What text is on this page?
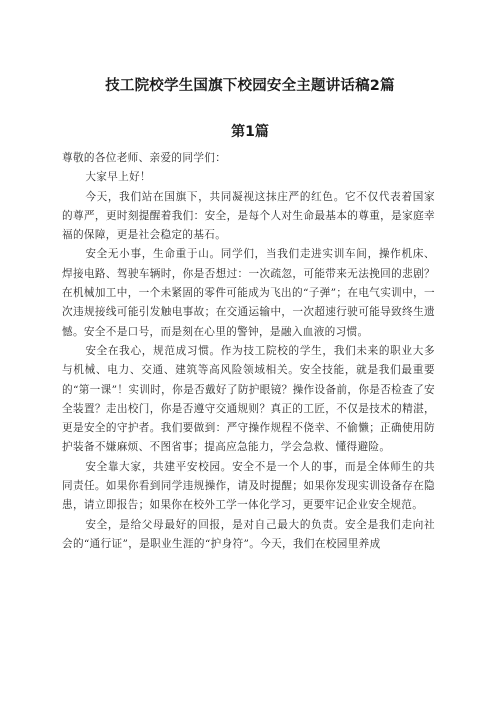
技工院校学生国旗下校园安全主题讲话稿2篇
第1篇

尊敬的各位老师、亲爱的同学们：

大家早上好！

今天，我们站在国旗下，共同凝视这抹庄严的红色。它不仅代表着国家的尊严，更时刻提醒着我们：安全，是每个人对生命最基本的尊重，是家庭幸福的保障，更是社会稳定的基石。

安全无小事，生命重于山。同学们，当我们走进实训车间，操作机床、焊接电路、驾驶车辆时，你是否想过：一次疏忽，可能带来无法挽回的悲剧？在机械加工中，一个未紧固的零件可能成为飞出的“子弹”；在电气实训中，一次违规接线可能引发触电事故；在交通运输中，一次超速行驶可能导致终生遗憾。安全不是口号，而是刻在心里的警钟，是融入血液的习惯。

安全在我心，规范成习惯。作为技工院校的学生，我们未来的职业大多与机械、电力、交通、建筑等高风险领域相关。安全技能，就是我们最重要的“第一课”！实训时，你是否戴好了防护眼镜？操作设备前，你是否检查了安全装置？走出校门，你是否遵守交通规则？真正的工匠，不仅是技术的精湛，更是安全的守护者。我们要做到：严守操作规程不侥幸、不偷懒；正确使用防护装备不嫌麻烦、不图省事；提高应急能力，学会急救、懂得避险。

安全靠大家，共建平安校园。安全不是一个人的事，而是全体师生的共同责任。如果你看到同学违规操作，请及时提醒；如果你发现实训设备存在隐患，请立即报告；如果你在校外工学一体化学习，更要牢记企业安全规范。

安全，是给父母最好的回报，是对自己最大的负责。安全是我们走向社会的“通行证”，是职业生涯的“护身符”。今天，我们在校园里养成
